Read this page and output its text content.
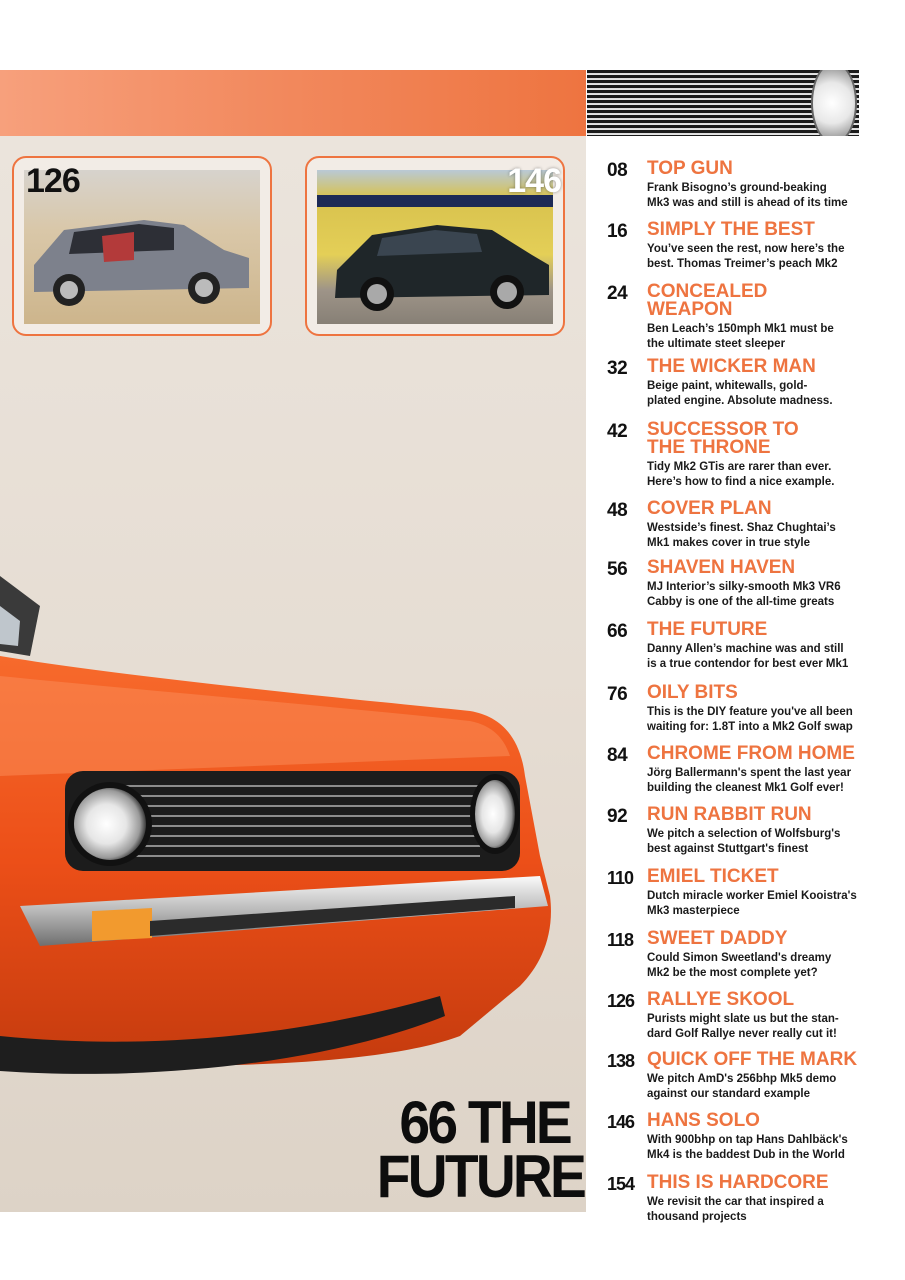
126	146
66 THE
FUTURE
08 TOP GUN
Frank Bisogno’s ground-beaking
Mk3 was and still is ahead of its time
16 SIMPLY THE BEST
You’ve seen the rest, now here’s the
best. Thomas Treimer’s peach Mk2
24 CONCEALED
WEAPON
Ben Leach’s 150mph Mk1 must be
the ultimate steet sleeper
32 THE WICKER MAN
Beige paint, whitewalls, gold-
plated engine. Absolute madness.
42 SUCCESSOR TO
THE THRONE
Tidy Mk2 GTis are rarer than ever.
Here’s how to find a nice example.
48 COVER PLAN
Westside’s finest. Shaz Chughtai’s
Mk1 makes cover in true style
56 SHAVEN HAVEN
MJ Interior’s silky-smooth Mk3 VR6
Cabby is one of the all-time greats
66 THE FUTURE
Danny Allen’s machine was and still
is a true contendor for best ever Mk1
76 OILY BITS
This is the DIY feature you've all been
waiting for: 1.8T into a Mk2 Golf swap
84 CHROME FROM HOME
Jörg Ballermann's spent the last year
building the cleanest Mk1 Golf ever!
92 RUN RABBIT RUN
We pitch a selection of Wolfsburg's
best against Stuttgart's finest
110 EMIEL TICKET
Dutch miracle worker Emiel Kooistra's
Mk3 masterpiece
118 SWEET DADDY
Could Simon Sweetland's dreamy
Mk2 be the most complete yet?
126 RALLYE SKOOL
Purists might slate us but the stan-
dard Golf Rallye never really cut it!
138 QUICK OFF THE MARK
We pitch AmD's 256bhp Mk5 demo
against our standard example
146 HANS SOLO
With 900bhp on tap Hans Dahlbäck's
Mk4 is the baddest Dub in the World
154 THIS IS HARDCORE
We revisit the car that inspired a
thousand projects
